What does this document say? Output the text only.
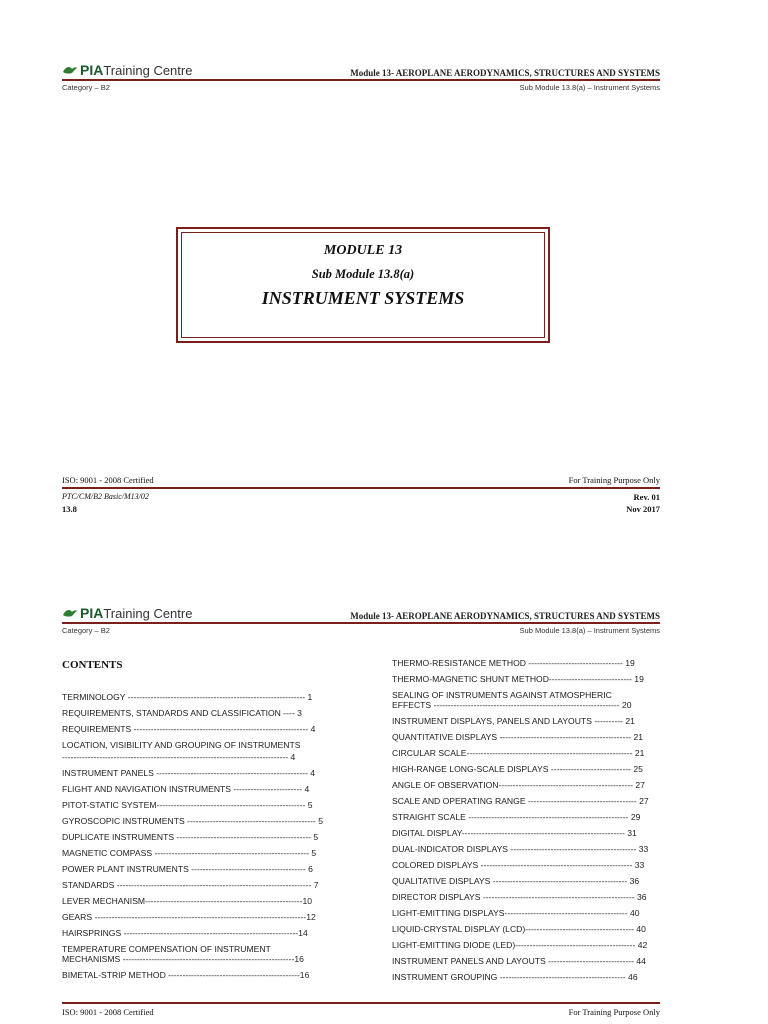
PIA Training Centre	Module 13- AEROPLANE AERODYNAMICS, STRUCTURES AND SYSTEMS
Category – B2	Sub Module 13.8(a) – Instrument Systems
MODULE 13
Sub Module 13.8(a)
INSTRUMENT SYSTEMS
ISO: 9001 - 2008 Certified	For Training Purpose Only
PTC/CM/B2 Basic/M13/02	Rev. 01
13.8	Nov 2017
PIA Training Centre	Module 13- AEROPLANE AERODYNAMICS, STRUCTURES AND SYSTEMS
Category – B2	Sub Module 13.8(a) – Instrument Systems
CONTENTS
TERMINOLOGY -------------------------------------------------------------- 1
REQUIREMENTS, STANDARDS AND CLASSIFICATION ---- 3
REQUIREMENTS ------------------------------------------------------------- 4
LOCATION, VISIBILITY AND GROUPING OF INSTRUMENTS
------------------------------------------------------------------------------- 4
INSTRUMENT PANELS ----------------------------------------------------- 4
FLIGHT AND NAVIGATION INSTRUMENTS ------------------------ 4
PITOT-STATIC SYSTEM---------------------------------------------------- 5
GYROSCOPIC INSTRUMENTS --------------------------------------------- 5
DUPLICATE INSTRUMENTS ----------------------------------------------- 5
MAGNETIC COMPASS ------------------------------------------------------ 5
POWER PLANT INSTRUMENTS ---------------------------------------- 6
STANDARDS -------------------------------------------------------------------- 7
LEVER MECHANISM-------------------------------------------------------10
GEARS --------------------------------------------------------------------------12
HAIRSPRINGS -------------------------------------------------------------14
TEMPERATURE COMPENSATION OF INSTRUMENT
MECHANISMS ------------------------------------------------------------16
BIMETAL-STRIP METHOD ----------------------------------------------16
THERMO-RESISTANCE METHOD --------------------------------- 19
THERMO-MAGNETIC SHUNT METHOD----------------------------- 19
SEALING OF INSTRUMENTS AGAINST ATMOSPHERIC
EFFECTS ----------------------------------------------------------------- 20
INSTRUMENT DISPLAYS, PANELS AND LAYOUTS ---------- 21
QUANTITATIVE DISPLAYS ---------------------------------------------- 21
CIRCULAR SCALE---------------------------------------------------------- 21
HIGH-RANGE LONG-SCALE DISPLAYS ---------------------------- 25
ANGLE OF OBSERVATION----------------------------------------------- 27
SCALE AND OPERATING RANGE -------------------------------------- 27
STRAIGHT SCALE -------------------------------------------------------- 29
DIGITAL DISPLAY--------------------------------------------------------- 31
DUAL-INDICATOR DISPLAYS -------------------------------------------- 33
COLORED DISPLAYS ----------------------------------------------------- 33
QUALITATIVE DISPLAYS ----------------------------------------------- 36
DIRECTOR DISPLAYS ----------------------------------------------------- 36
LIGHT-EMITTING DISPLAYS------------------------------------------- 40
LIQUID-CRYSTAL DISPLAY (LCD)-------------------------------------- 40
LIGHT-EMITTING DIODE (LED)------------------------------------------ 42
INSTRUMENT PANELS AND LAYOUTS ------------------------------ 44
INSTRUMENT GROUPING -------------------------------------------- 46
ISO: 9001 - 2008 Certified	For Training Purpose Only
